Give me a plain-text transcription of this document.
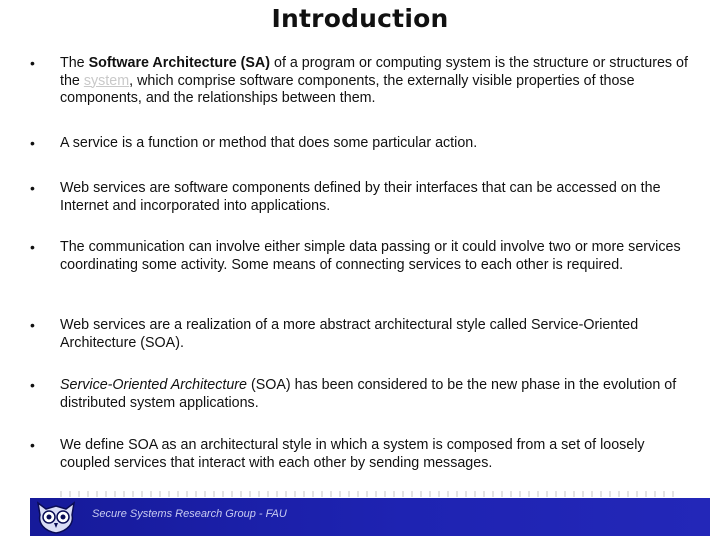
Introduction
• The Software Architecture (SA) of a program or computing system is the structure or structures of the system, which comprise software components, the externally visible properties of those components, and the relationships between them.
• A service is a function or method that does some particular action.
• Web services are software components defined by their interfaces that can be accessed on the Internet and incorporated into applications.
• The communication can involve either simple data passing or it could involve two or more services coordinating some activity. Some means of connecting services to each other is required.
• Web services are a realization of a more abstract architectural style called Service-Oriented Architecture (SOA).
• Service-Oriented Architecture (SOA) has been considered to be the new phase in the evolution of distributed system applications.
• We define SOA as an architectural style in which a system is composed from a set of loosely coupled services that interact with each other by sending messages.
Secure Systems Research Group - FAU
